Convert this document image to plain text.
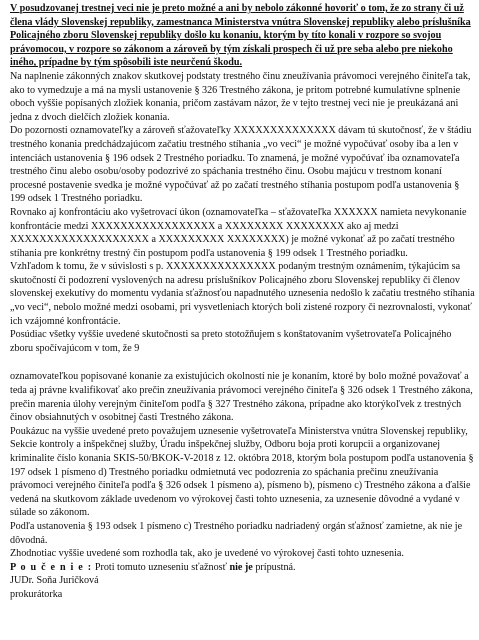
V posudzovanej trestnej veci nie je preto možné a ani by nebolo zákonné hovoriť o tom, že zo strany či už člena vlády Slovenskej republiky, zamestnanca Ministerstva vnútra Slovenskej republiky alebo príslušníka Policajného zboru Slovenskej republiky došlo ku konaniu, ktorým by títo konali v rozpore so svojou právomocou, v rozpore so zákonom a zároveň by tým získali prospech či už pre seba alebo pre niekoho iného, prípadne by tým spôsobili iste neurčenú škodu.

Na naplnenie zákonných znakov skutkovej podstaty trestného činu zneužívania právomoci verejného činiteľa tak, ako to vymedzuje a má na mysli ustanovenie § 326 Trestného zákona, je pritom potrebné kumulatívne splnenie oboch vyššie popísaných zložiek konania, pričom zastávam názor, že v tejto trestnej veci nie je preukázaná ani jedna z dvoch dielčích zložiek konania.

Do pozornosti oznamovateľky a zároveň sťažovateľky XXXXXXXXXXXXXX dávam tú skutočnosť, že v štádiu trestného konania predchádzajúcom začatiu trestného stíhania „vo veci“ je možné vypočúvať osoby iba a len v intenciách ustanovenia § 196 odsek 2 Trestného poriadku. To znamená, je možné vypočúvať iba oznamovateľa trestného činu alebo osobu/osoby podozrivé zo spáchania trestného činu. Osobu majúcu v trestnom konaní procesné postavenie svedka je možné vypočúvať až po začatí trestného stíhania postupom podľa ustanovenia § 199 odsek 1 Trestného poriadku.

Rovnako aj konfrontáciu ako vyšetrovací úkon (oznamovateľka – sťažovateľka XXXXXX namieta nevykonanie konfrontácie medzi XXXXXXXXXXXXXXXXX a XXXXXXXX XXXXXXXX ako aj medzi XXXXXXXXXXXXXXXXXXX a XXXXXXXXX XXXXXXXX) je možné vykonať až po začatí trestného stíhania pre konkrétny trestný čin postupom podľa ustanovenia § 199 odsek 1 Trestného poriadku.

Vzhľadom k tomu, že v súvislosti s p. XXXXXXXXXXXXXXX podaným trestným oznámením, týkajúcim sa skutočností či podozrení vyslovených na adresu príslušníkov Policajného zboru Slovenskej republiky či členov slovenskej exekutívy do momentu vydania sťažnosťou napadnutého uznesenia nedošlo k začatiu trestného stíhania „vo veci“, nebolo možné medzi osobami, pri vysvetleniach ktorých boli zistené rozpory či nezrovnalosti, vykonať ich vzájomné konfrontácie.

Posúdiac všetky vyššie uvedené skutočnosti sa preto stotožňujem s konštatovaním vyšetrovateľa Policajného zboru spočívajúcom v tom, že 9

oznamovateľkou popisované konanie za existujúcich okolností nie je konaním, ktoré by bolo možné považovať a teda aj právne kvalifikovať ako prečin zneužívania právomoci verejného činiteľa § 326 odsek 1 Trestného zákona, prečin marenia úlohy verejným činiteľom podľa § 327 Trestného zákona, prípadne ako ktorýkoľvek z trestných činov obsiahnutých v osobitnej časti Trestného zákona.

Poukázuc na vyššie uvedené preto považujem uznesenie vyšetrovateľa Ministerstva vnútra Slovenskej republiky, Sekcie kontroly a inšpekčnej služby, Úradu inšpekčnej služby, Odboru boja proti korupcii a organizovanej kriminalite číslo konania SKIS-50/BKOK-V-2018 z 12. októbra 2018, ktorým bola postupom podľa ustanovenia § 197 odsek 1 písmeno d) Trestného poriadku odmietnutá vec podozrenia zo spáchania prečinu zneužívania právomoci verejného činiteľa podľa § 326 odsek 1 písmeno a), písmeno b), písmeno c) Trestného zákona a ďalšie vedená na skutkovom základe uvedenom vo výrokovej časti tohto uznesenia, za uznesenie dôvodné a vydané v súlade so zákonom.

Podľa ustanovenia § 193 odsek 1 písmeno c) Trestného poriadku nadriadený orgán sťažnosť zamietne, ak nie je dôvodná.

Zhodnotiac vyššie uvedené som rozhodla tak, ako je uvedené vo výrokovej časti tohto uznesenia.

P o u č e n i e : Proti tomuto uzneseniu sťažnosť nie je prípustná.

JUDr. Soňa Juričková

prokurátorka
